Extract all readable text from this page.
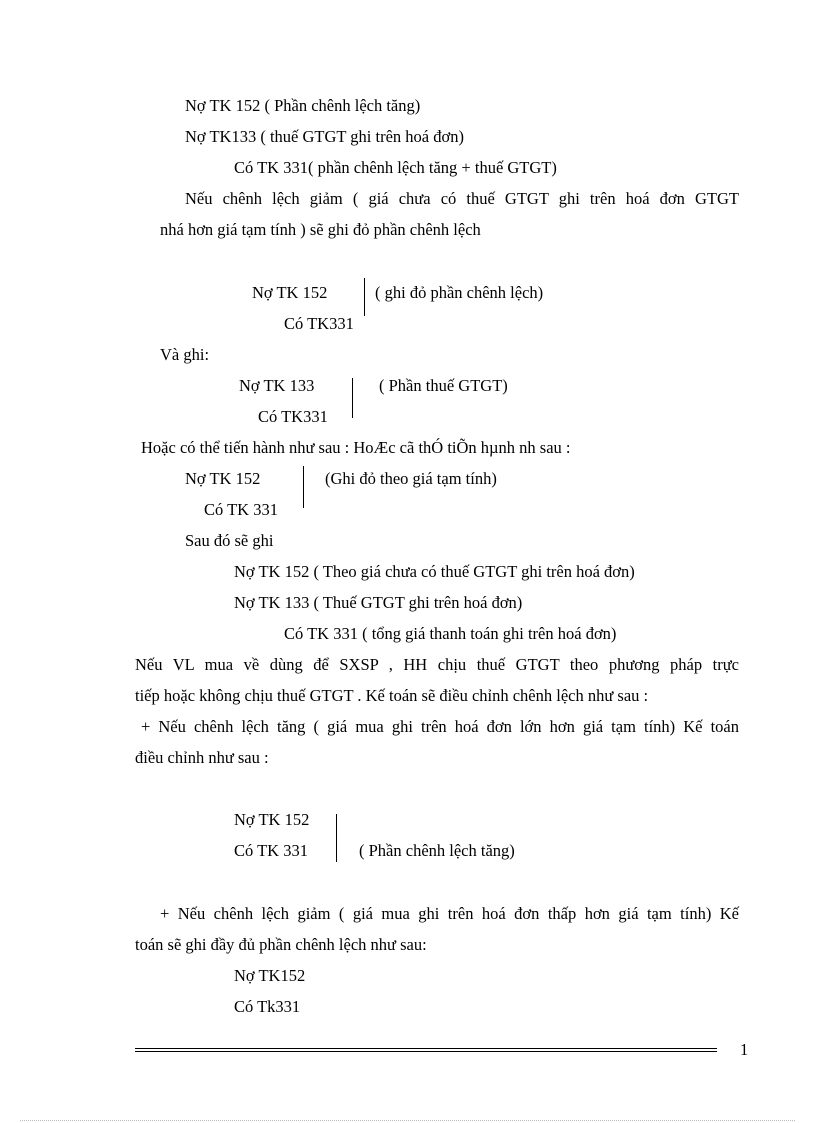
Nợ TK 152 ( Phần chênh lệch tăng)
Nợ TK133 ( thuế GTGT ghi trên hoá đơn)
Có TK 331( phần chênh lệch tăng + thuế GTGT)
Nếu chênh lệch giảm ( giá chưa có thuế GTGT ghi trên hoá đơn GTGT
nhá hơn giá tạm tính ) sẽ ghi đỏ phần chênh lệch
Nợ TK 152	( ghi đỏ phần chênh lệch)
Có TK331
Và ghi:
Nợ TK 133	( Phần thuế GTGT)
Có TK331
Hoặc có thể tiến hành như sau : HoÆc cã thÓ tiÕn hµnh nh sau :
Nợ TK 152	(Ghi đỏ theo giá tạm tính)
Có TK 331
Sau đó sẽ ghi
Nợ TK 152 ( Theo giá chưa có thuế GTGT ghi trên hoá đơn)
Nợ TK 133 ( Thuế GTGT ghi trên hoá đơn)
Có TK 331 ( tổng giá thanh toán ghi trên hoá đơn)
Nếu VL mua về dùng để SXSP , HH chịu thuế GTGT theo phương pháp trực
tiếp hoặc không chịu thuế GTGT . Kế toán sẽ điều chỉnh chênh lệch như sau :
+ Nếu chênh lệch tăng ( giá mua ghi trên hoá đơn lớn hơn giá tạm tính) Kế toán
điều chỉnh như sau :
Nợ TK 152
Có TK 331	( Phần chênh lệch tăng)
+ Nếu chênh lệch giảm ( giá mua ghi trên hoá đơn thấp hơn giá tạm tính) Kế
toán sẽ ghi đầy đủ phần chênh lệch như sau:
Nợ TK152
Có Tk331
1
